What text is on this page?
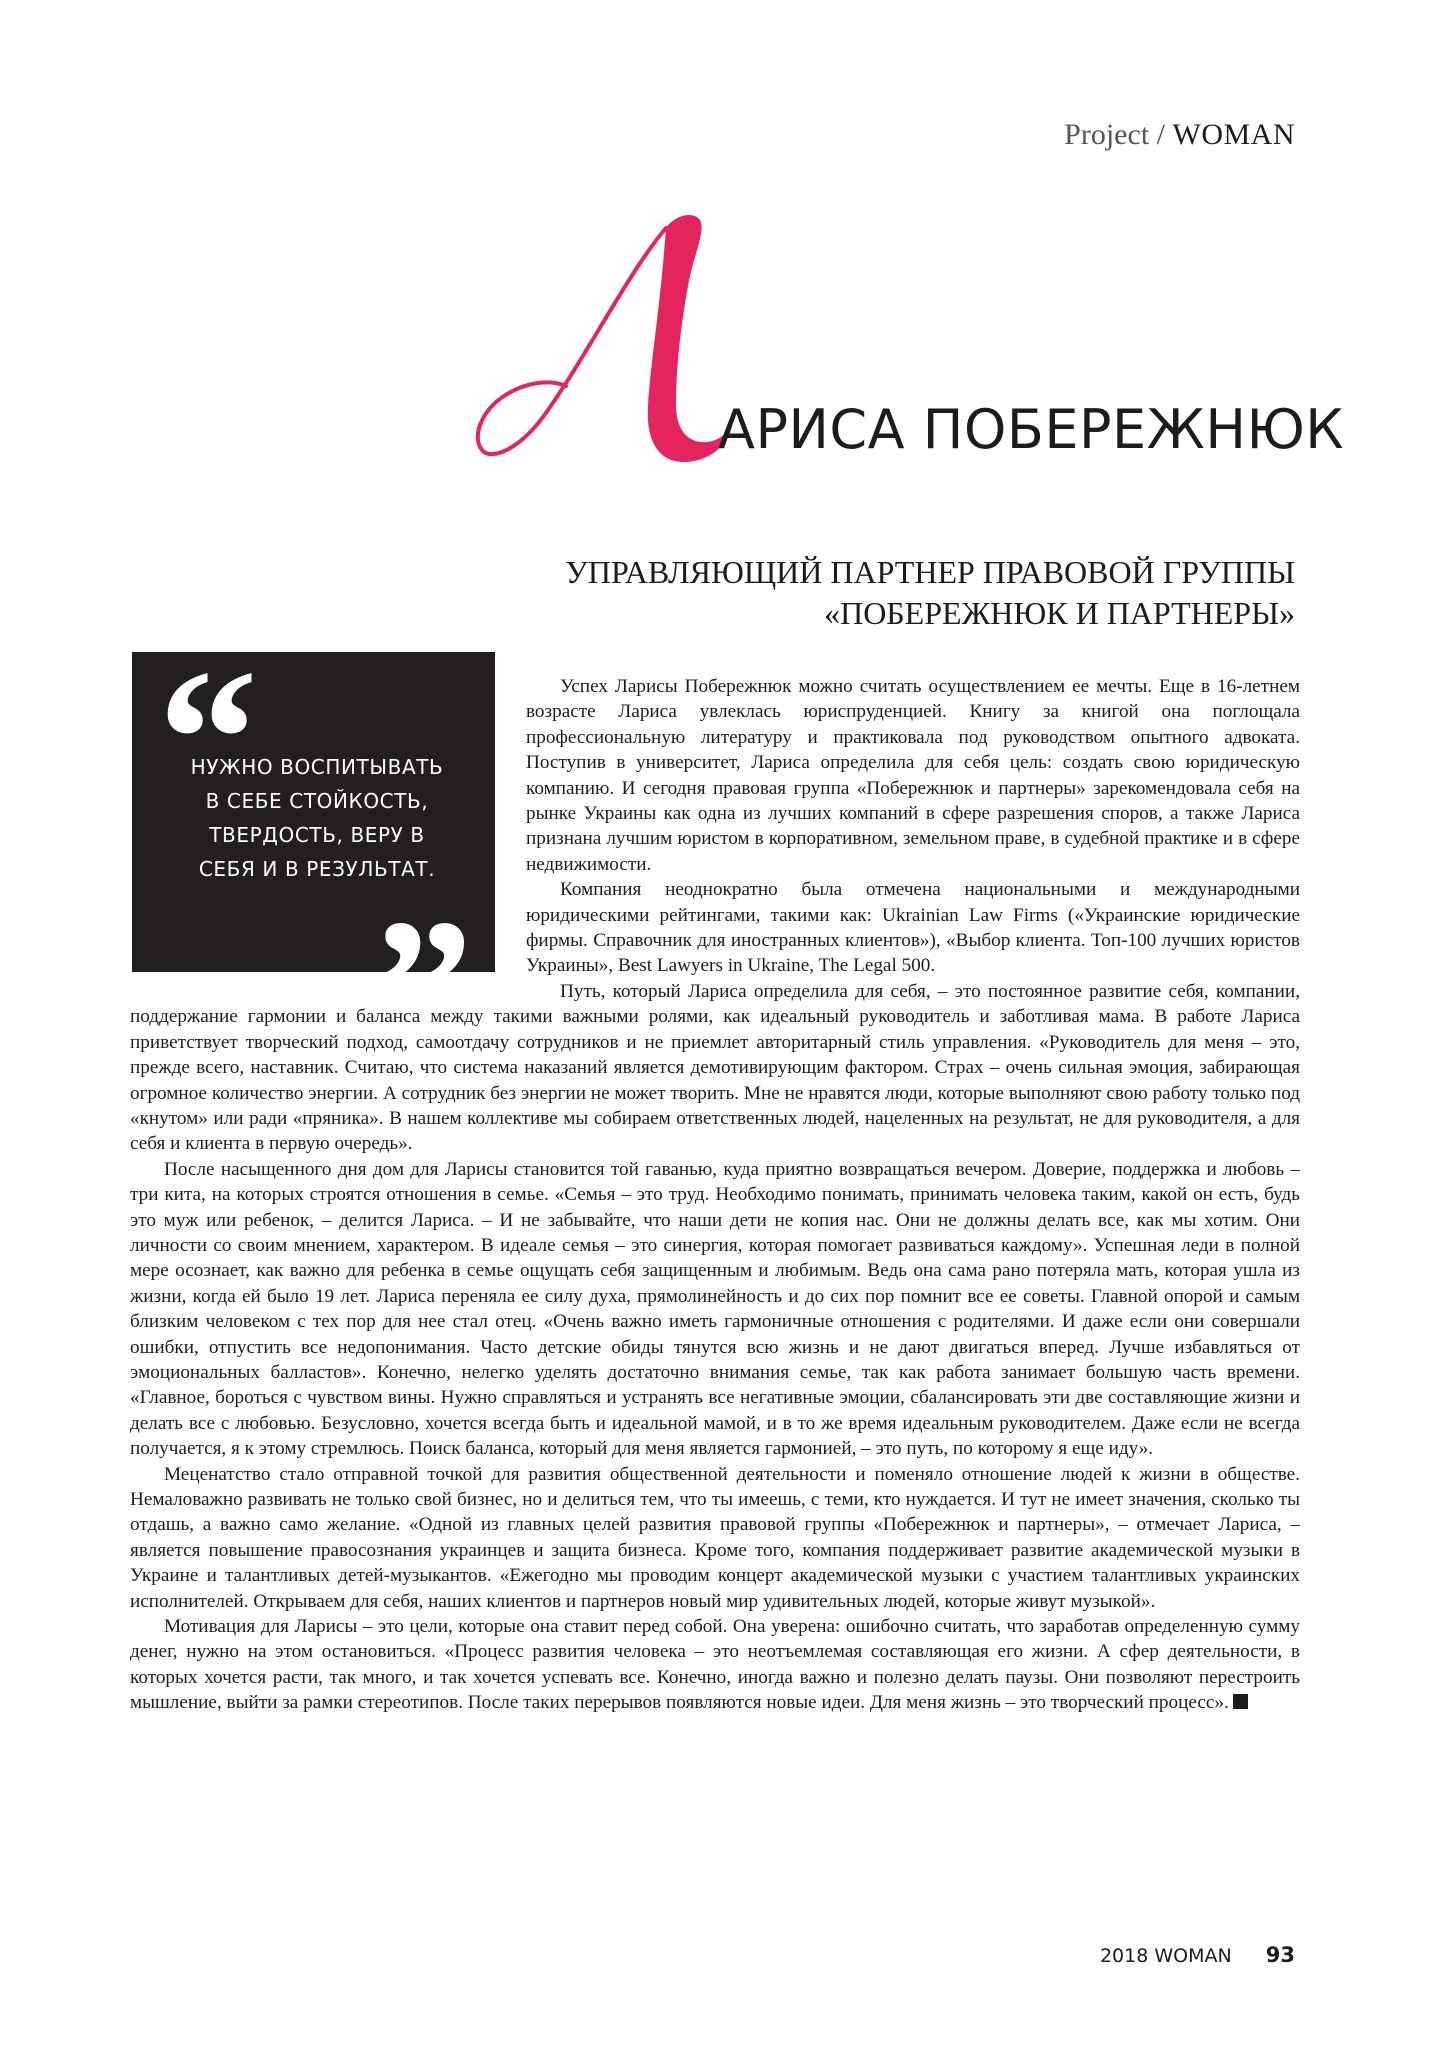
Project / WOMAN
АРИСА ПОБЕРЕЖНЮК
УПРАВЛЯЮЩИЙ ПАРТНЕР ПРАВОВОЙ ГРУППЫ
«ПОБЕРЕЖНЮК И ПАРТНЕРЫ»
“
НУЖНО ВОСПИТЫВАТЬ
В СЕБЕ СТОЙКОСТЬ,
ТВЕРДОСТЬ, ВЕРУ В
СЕБЯ И В РЕЗУЛЬТАТ.
”

Успех Ларисы Побережнюк можно считать осуществлением ее мечты. Еще в 16-летнем возрасте Лариса увлеклась юриспруденцией. Книгу за книгой она поглощала профессиональную литературу и практиковала под руководством опытного адвоката. Поступив в университет, Лариса определила для себя цель: создать свою юридическую компанию. И сегодня правовая группа «Побережнюк и партнеры» зарекомендовала себя на рынке Украины как одна из лучших компаний в сфере разрешения споров, а также Лариса признана лучшим юристом в корпоративном, земельном праве, в судебной практике и в сфере недвижимости.

Компания неоднократно была отмечена национальными и международными юридическими рейтингами, такими как: Ukrainian Law Firms («Украинские юридические фирмы. Справочник для иностранных клиентов»), «Выбор клиента. Топ-100 лучших юристов Украины», Best Lawyers in Ukraine, The Legal 500.

Путь, который Лариса определила для себя, – это постоянное развитие себя, компании, поддержание гармонии и баланса между такими важными ролями, как идеальный руководитель и заботливая мама. В работе Лариса приветствует творческий подход, самоотдачу сотрудников и не приемлет авторитарный стиль управления. «Руководитель для меня – это, прежде всего, наставник. Считаю, что система наказаний является демотивирующим фактором. Страх – очень сильная эмоция, забирающая огромное количество энергии. А сотрудник без энергии не может творить. Мне не нравятся люди, которые выполняют свою работу только под «кнутом» или ради «пряника». В нашем коллективе мы собираем ответственных людей, нацеленных на результат, не для руководителя, а для себя и клиента в первую очередь».

После насыщенного дня дом для Ларисы становится той гаванью, куда приятно возвращаться вечером. Доверие, поддержка и любовь – три кита, на которых строятся отношения в семье. «Семья – это труд. Необходимо понимать, принимать человека таким, какой он есть, будь это муж или ребенок, – делится Лариса. – И не забывайте, что наши дети не копия нас. Они не должны делать все, как мы хотим. Они личности со своим мнением, характером. В идеале семья – это синергия, которая помогает развиваться каждому». Успешная леди в полной мере осознает, как важно для ребенка в семье ощущать себя защищенным и любимым. Ведь она сама рано потеряла мать, которая ушла из жизни, когда ей было 19 лет. Лариса переняла ее силу духа, прямолинейность и до сих пор помнит все ее советы. Главной опорой и самым близким человеком с тех пор для нее стал отец. «Очень важно иметь гармоничные отношения с родителями. И даже если они совершали ошибки, отпустить все недопонимания. Часто детские обиды тянутся всю жизнь и не дают двигаться вперед. Лучше избавляться от эмоциональных балластов». Конечно, нелегко уделять достаточно внимания семье, так как работа занимает большую часть времени. «Главное, бороться с чувством вины. Нужно справляться и устранять все негативные эмоции, сбалансировать эти две составляющие жизни и делать все с любовью. Безусловно, хочется всегда быть и идеальной мамой, и в то же время идеальным руководителем. Даже если не всегда получается, я к этому стремлюсь. Поиск баланса, который для меня является гармонией, – это путь, по которому я еще иду».

Меценатство стало отправной точкой для развития общественной деятельности и поменяло отношение людей к жизни в обществе. Немаловажно развивать не только свой бизнес, но и делиться тем, что ты имеешь, с теми, кто нуждается. И тут не имеет значения, сколько ты отдашь, а важно само желание. «Одной из главных целей развития правовой группы «Побережнюк и партнеры», – отмечает Лариса, – является повышение правосознания украинцев и защита бизнеса. Кроме того, компания поддерживает развитие академической музыки в Украине и талантливых детей-музыкантов. «Ежегодно мы проводим концерт академической музыки с участием талантливых украинских исполнителей. Открываем для себя, наших клиентов и партнеров новый мир удивительных людей, которые живут музыкой».

Мотивация для Ларисы – это цели, которые она ставит перед собой. Она уверена: ошибочно считать, что заработав определенную сумму денег, нужно на этом остановиться. «Процесс развития человека – это неотъемлемая составляющая его жизни. А сфер деятельности, в которых хочется расти, так много, и так хочется успевать все. Конечно, иногда важно и полезно делать паузы. Они позволяют перестроить мышление, выйти за рамки стереотипов. После таких перерывов появляются новые идеи. Для меня жизнь – это творческий процесс».

2018 WOMAN 93
